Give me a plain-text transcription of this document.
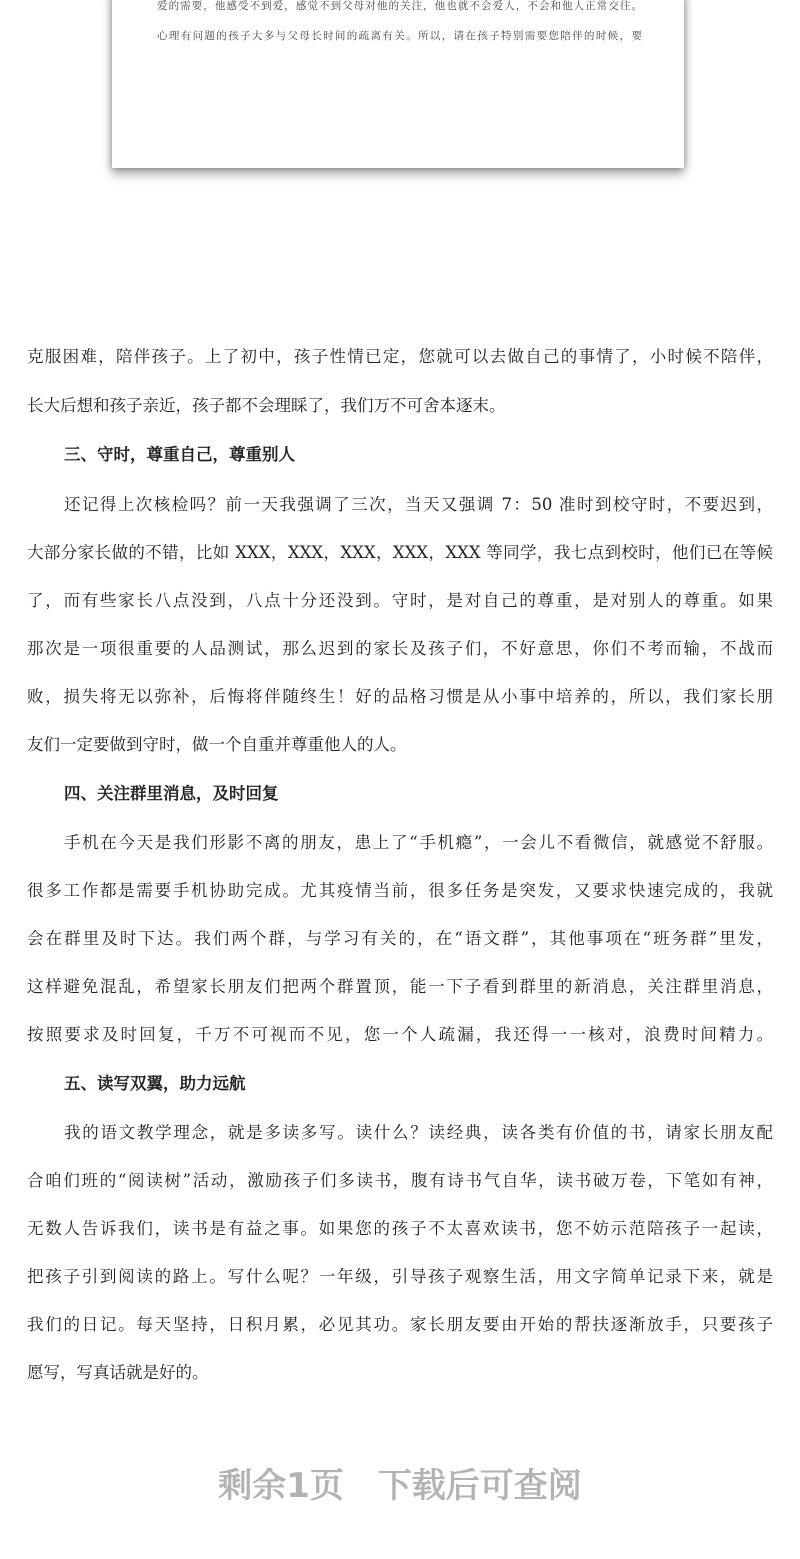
爱的需要，他感受不到爱，感觉不到父母对他的关注，他也就不会爱人，不会和他人正常交往。
心理有问题的孩子大多与父母长时间的疏离有关。所以，请在孩子特别需要您陪伴的时候，要
克服困难，陪伴孩子。上了初中，孩子性情已定，您就可以去做自己的事情了，小时候不陪伴，
长大后想和孩子亲近，孩子都不会理睬了，我们万不可舍本逐末。
三、守时，尊重自己，尊重别人
还记得上次核检吗？前一天我强调了三次，当天又强调 7：50 准时到校守时，不要迟到，
大部分家长做的不错，比如 XXX，XXX，XXX，XXX，XXX 等同学，我七点到校时，他们已在等候
了，而有些家长八点没到，八点十分还没到。守时，是对自己的尊重，是对别人的尊重。如果
那次是一项很重要的人品测试，那么迟到的家长及孩子们，不好意思，你们不考而输，不战而
败，损失将无以弥补，后悔将伴随终生！好的品格习惯是从小事中培养的，所以，我们家长朋
友们一定要做到守时，做一个自重并尊重他人的人。
四、关注群里消息，及时回复
手机在今天是我们形影不离的朋友，患上了“手机瘾”，一会儿不看微信，就感觉不舒服。
很多工作都是需要手机协助完成。尤其疫情当前，很多任务是突发，又要求快速完成的，我就
会在群里及时下达。我们两个群，与学习有关的，在“语文群”，其他事项在“班务群”里发，
这样避免混乱，希望家长朋友们把两个群置顶，能一下子看到群里的新消息，关注群里消息，
按照要求及时回复，千万不可视而不见，您一个人疏漏，我还得一一核对，浪费时间精力。
五、读写双翼，助力远航
我的语文教学理念，就是多读多写。读什么？读经典，读各类有价值的书，请家长朋友配
合咱们班的“阅读树”活动，激励孩子们多读书，腹有诗书气自华，读书破万卷，下笔如有神，
无数人告诉我们，读书是有益之事。如果您的孩子不太喜欢读书，您不妨示范陪孩子一起读，
把孩子引到阅读的路上。写什么呢？一年级，引导孩子观察生活，用文字简单记录下来，就是
我们的日记。每天坚持，日积月累，必见其功。家长朋友要由开始的帮扶逐渐放手，只要孩子
愿写，写真话就是好的。
剩余1页 下载后可查阅
